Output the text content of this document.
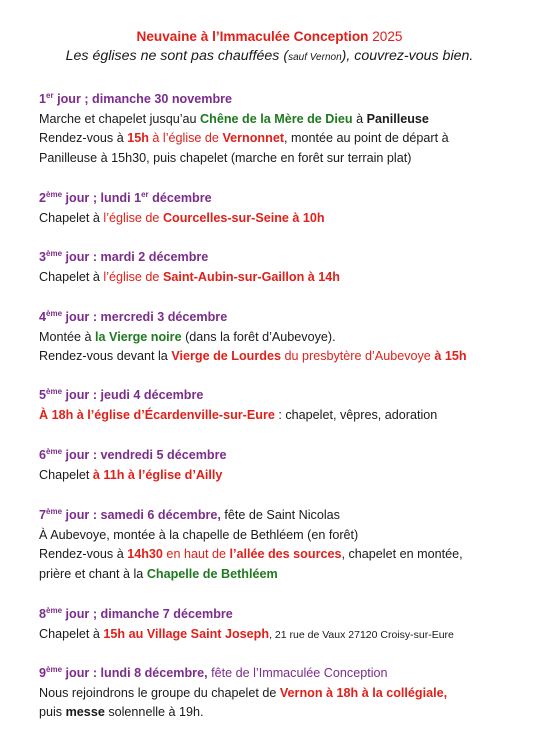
Neuvaine à l’Immaculée Conception 2025
Les églises ne sont pas chauffées (sauf Vernon), couvrez-vous bien.
1er jour ; dimanche 30 novembre
Marche et chapelet jusqu’au Chêne de la Mère de Dieu à Panilleuse
Rendez-vous à 15h à l’église de Vernonnet, montée au point de départ à
Panilleuse à 15h30, puis chapelet (marche en forêt sur terrain plat)
2ème jour ; lundi 1er décembre
Chapelet à l’église de Courcelles-sur-Seine à 10h
3ème jour : mardi 2 décembre
Chapelet à l’église de Saint-Aubin-sur-Gaillon à 14h
4ème jour : mercredi 3 décembre
Montée à la Vierge noire (dans la forêt d’Aubevoye).
Rendez-vous devant la Vierge de Lourdes du presbytère d’Aubevoye à 15h
5ème jour : jeudi 4 décembre
À 18h à l’église d’Écardenville-sur-Eure : chapelet, vêpres, adoration
6ème jour : vendredi 5 décembre
Chapelet à 11h à l’église d’Ailly
7ème jour : samedi 6 décembre, fête de Saint Nicolas
À Aubevoye, montée à la chapelle de Bethléem (en forêt)
Rendez-vous à 14h30 en haut de l’allée des sources, chapelet en montée,
prière et chant à la Chapelle de Bethléem
8ème jour ; dimanche 7 décembre
Chapelet à 15h au Village Saint Joseph, 21 rue de Vaux 27120 Croisy-sur-Eure
9ème jour : lundi 8 décembre, fête de l’Immaculée Conception
Nous rejoindrons le groupe du chapelet de Vernon à 18h à la collégiale,
puis messe solennelle à 19h.
